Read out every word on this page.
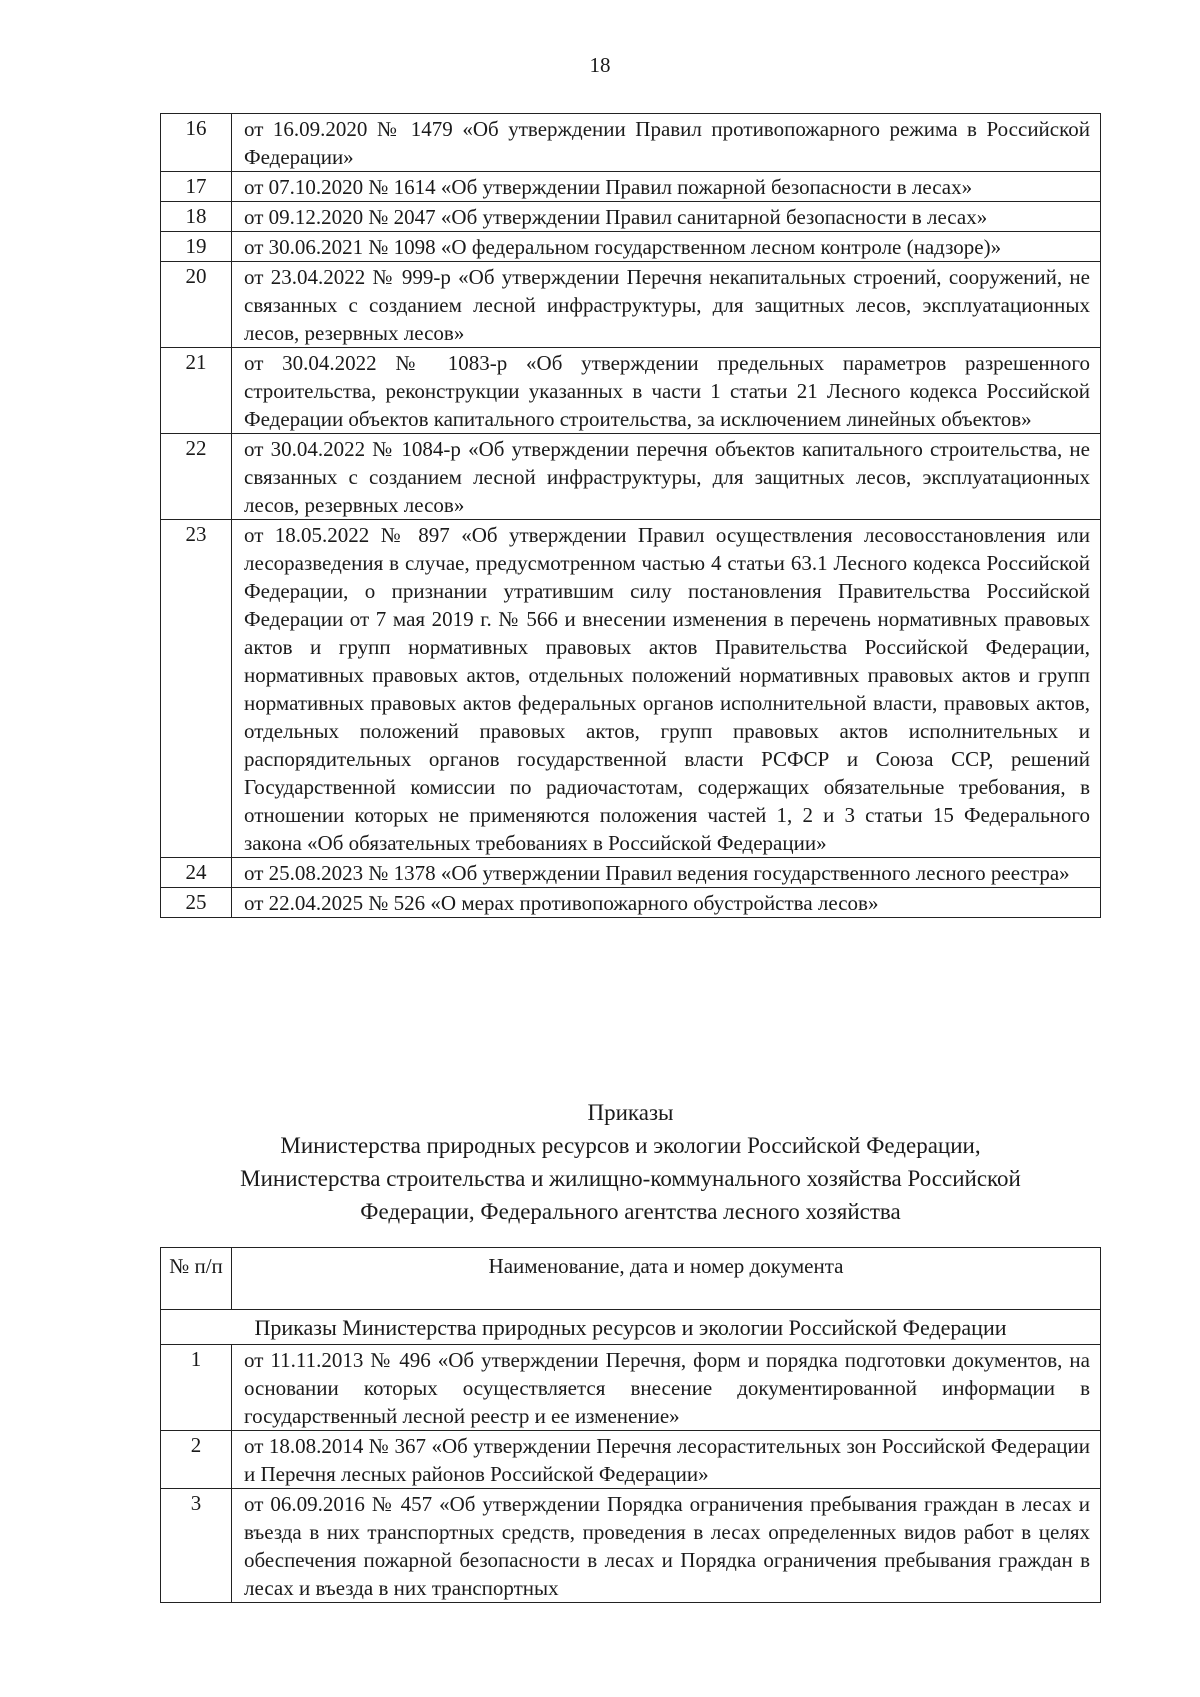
18
16	от 16.09.2020 № 1479 «Об утверждении Правил противопожарного режима в Российской Федерации»
17	от 07.10.2020 № 1614 «Об утверждении Правил пожарной безопасности в лесах»
18	от 09.12.2020 № 2047 «Об утверждении Правил санитарной безопасности в лесах»
19	от 30.06.2021 № 1098 «О федеральном государственном лесном контроле (надзоре)»
20	от 23.04.2022 № 999-р «Об утверждении Перечня некапитальных строений, сооружений, не связанных с созданием лесной инфраструктуры, для защитных лесов, эксплуатационных лесов, резервных лесов»
21	от 30.04.2022 № 1083-р «Об утверждении предельных параметров разрешенного строительства, реконструкции указанных в части 1 статьи 21 Лесного кодекса Российской Федерации объектов капитального строительства, за исключением линейных объектов»
22	от 30.04.2022 № 1084-р «Об утверждении перечня объектов капитального строительства, не связанных с созданием лесной инфраструктуры, для защитных лесов, эксплуатационных лесов, резервных лесов»
23	от 18.05.2022 № 897 «Об утверждении Правил осуществления лесовосстановления или лесоразведения в случае, предусмотренном частью 4 статьи 63.1 Лесного кодекса Российской Федерации, о признании утратившим силу постановления Правительства Российской Федерации от 7 мая 2019 г. № 566 и внесении изменения в перечень нормативных правовых актов и групп нормативных правовых актов Правительства Российской Федерации, нормативных правовых актов, отдельных положений нормативных правовых актов и групп нормативных правовых актов федеральных органов исполнительной власти, правовых актов, отдельных положений правовых актов, групп правовых актов исполнительных и распорядительных органов государственной власти РСФСР и Союза ССР, решений Государственной комиссии по радиочастотам, содержащих обязательные требования, в отношении которых не применяются положения частей 1, 2 и 3 статьи 15 Федерального закона «Об обязательных требованиях в Российской Федерации»
24	от 25.08.2023 № 1378 «Об утверждении Правил ведения государственного лесного реестра»
25	от 22.04.2025 № 526 «О мерах противопожарного обустройства лесов»
Приказы
Министерства природных ресурсов и экологии Российской Федерации,
Министерства строительства и жилищно-коммунального хозяйства Российской
Федерации, Федерального агентства лесного хозяйства
№ п/п	Наименование, дата и номер документа
Приказы Министерства природных ресурсов и экологии Российской Федерации	
1	от 11.11.2013 № 496 «Об утверждении Перечня, форм и порядка подготовки документов, на основании которых осуществляется внесение документированной информации в государственный лесной реестр и ее изменение»
2	от 18.08.2014 № 367 «Об утверждении Перечня лесорастительных зон Российской Федерации и Перечня лесных районов Российской Федерации»
3	от 06.09.2016 № 457 «Об утверждении Порядка ограничения пребывания граждан в лесах и въезда в них транспортных средств, проведения в лесах определенных видов работ в целях обеспечения пожарной безопасности в лесах и Порядка ограничения пребывания граждан в лесах и въезда в них транспортных
